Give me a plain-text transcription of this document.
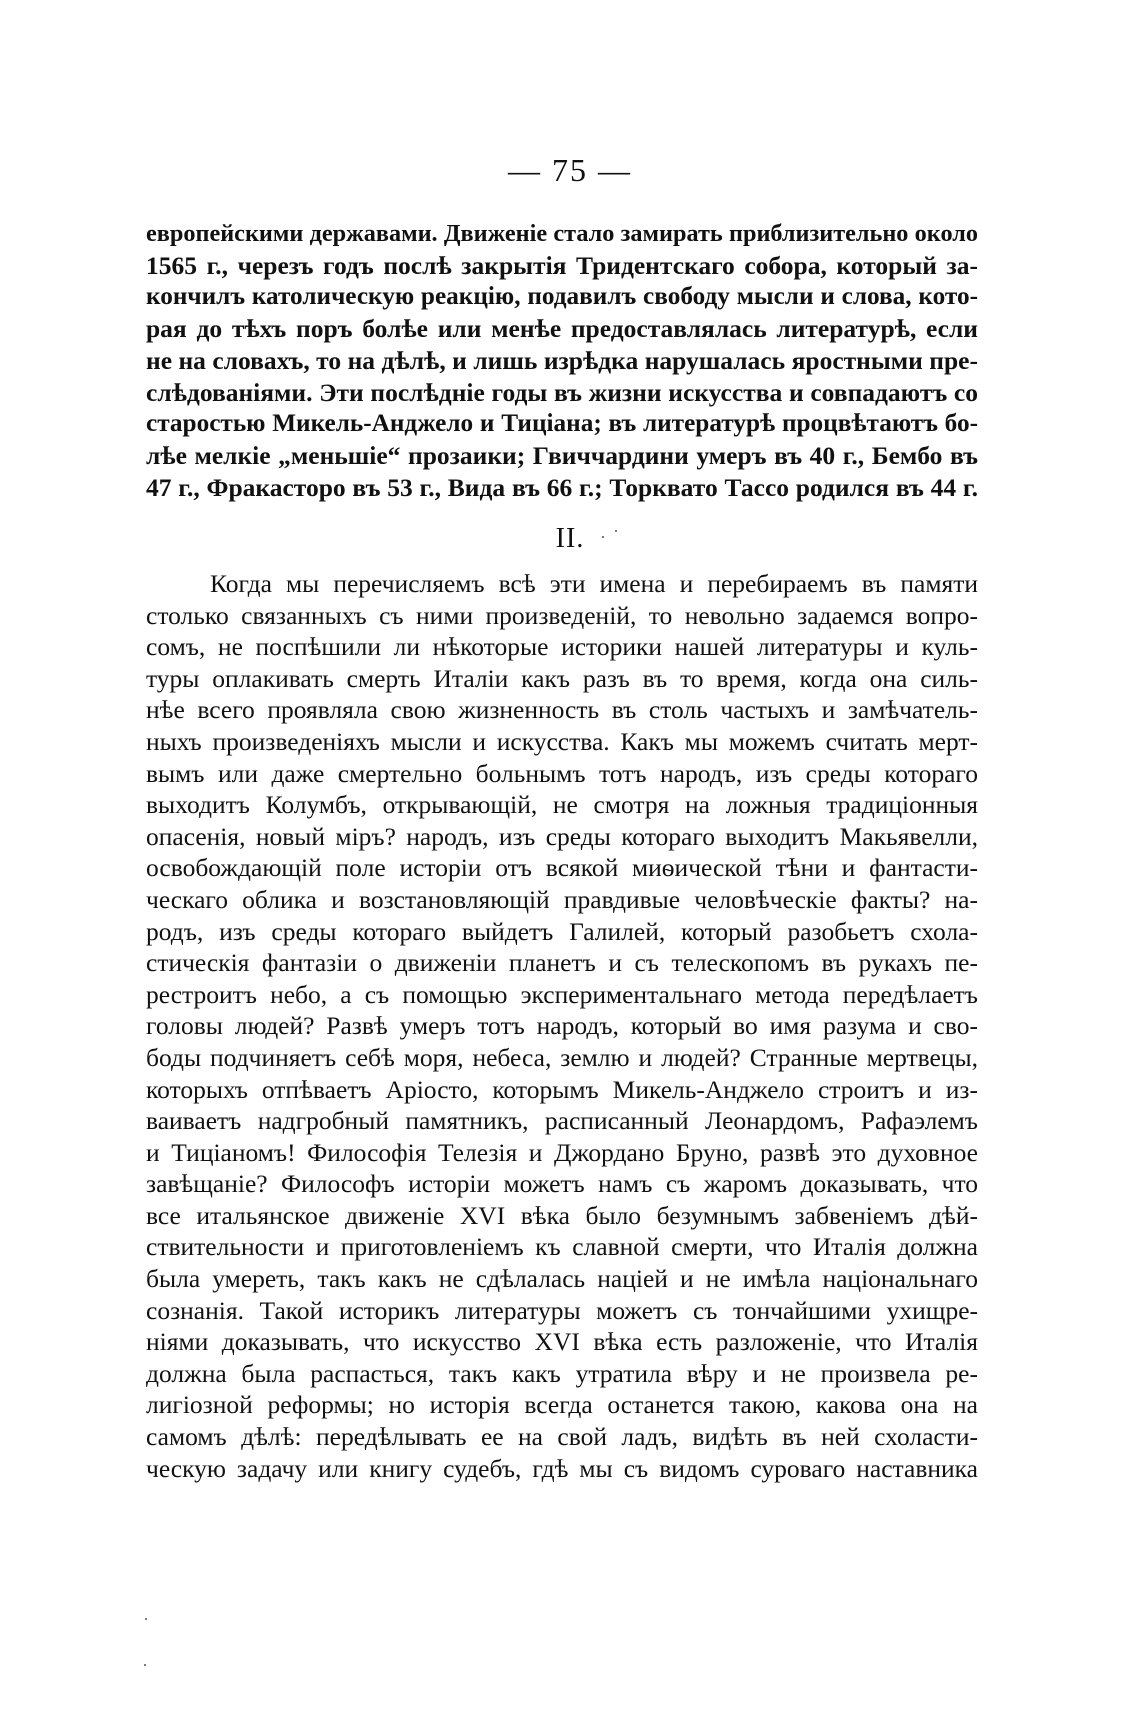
— 75 —
европейскими державами. Движеніе стало замирать приблизительно около
1565 г., черезъ годъ послѣ закрытія Тридентскаго собора, который за-
кончилъ католическую реакцію, подавилъ свободу мысли и слова, кото-
рая до тѣхъ поръ болѣе или менѣе предоставлялась литературѣ, если
не на словахъ, то на дѣлѣ, и лишь изрѣдка нарушалась яростными пре-
слѣдованіями. Эти послѣдніе годы въ жизни искусства и совпадаютъ со
старостью Микель-Анджело и Тиціана; въ литературѣ процвѣтаютъ бо-
лѣе мелкіе „меньшіе“ прозаики; Гвиччардини умеръ въ 40 г., Бембо въ
47 г., Фракасторо въ 53 г., Вида въ 66 г.; Торквато Тассо родился въ 44 г.
II.
Когда мы перечисляемъ всѣ эти имена и перебираемъ въ памяти
столько связанныхъ съ ними произведеній, то невольно задаемся вопро-
сомъ, не поспѣшили ли нѣкоторые историки нашей литературы и куль-
туры оплакивать смерть Италіи какъ разъ въ то время, когда она силь-
нѣе всего проявляла свою жизненность въ столь частыхъ и замѣчатель-
ныхъ произведеніяхъ мысли и искусства. Какъ мы можемъ считать мерт-
вымъ или даже смертельно больнымъ тотъ народъ, изъ среды котораго
выходитъ Колумбъ, открывающій, не смотря на ложныя традиціонныя
опасенія, новый міръ? народъ, изъ среды котораго выходитъ Макьявелли,
освобождающій поле исторіи отъ всякой миѳической тѣни и фантасти-
ческаго облика и возстановляющій правдивые человѣческіе факты? на-
родъ, изъ среды котораго выйдетъ Галилей, который разобьетъ схола-
стическія фантазіи о движеніи планетъ и съ телескопомъ въ рукахъ пе-
рестроитъ небо, а съ помощью экспериментальнаго метода передѣлаетъ
головы людей? Развѣ умеръ тотъ народъ, который во имя разума и сво-
боды подчиняетъ себѣ моря, небеса, землю и людей? Странные мертвецы,
которыхъ отпѣваетъ Аріосто, которымъ Микель-Анджело строитъ и из-
ваиваетъ надгробный памятникъ, расписанный Леонардомъ, Рафаэлемъ
и Тиціаномъ! Философія Телезія и Джордано Бруно, развѣ это духовное
завѣщаніе? Философъ исторіи можетъ намъ съ жаромъ доказывать, что
все итальянское движеніе XVI вѣка было безумнымъ забвеніемъ дѣй-
ствительности и приготовленіемъ къ славной смерти, что Италія должна
была умереть, такъ какъ не сдѣлалась націей и не имѣла національнаго
сознанія. Такой историкъ литературы можетъ съ тончайшими ухищре-
ніями доказывать, что искусство XVI вѣка есть разложеніе, что Италія
должна была распасться, такъ какъ утратила вѣру и не произвела ре-
лигіозной реформы; но исторія всегда останется такою, какова она на
самомъ дѣлѣ: передѣлывать ее на свой ладъ, видѣть въ ней схоласти-
ческую задачу или книгу судебъ, гдѣ мы съ видомъ суроваго наставника
